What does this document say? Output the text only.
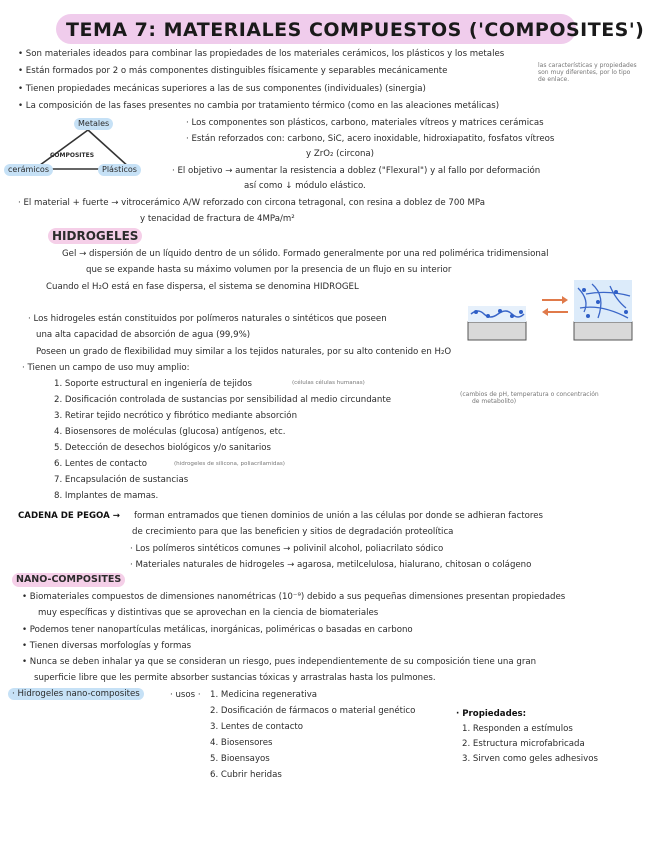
TEMA 7: MATERIALES COMPUESTOS ('COMPOSITES')
• Son materiales ideados para combinar las propiedades de los materiales cerámicos, los plásticos y los metales
• Están formados por 2 o más componentes distinguibles físicamente y separables mecánicamente
las características y propiedades
son muy diferentes, por lo tipo
de enlace.
• Tienen propiedades mecánicas superiores a las de sus componentes (individuales) (sinergia)
• La composición de las fases presentes no cambia por tratamiento térmico (como en las aleaciones metálicas)
Metales
COMPOSITES
cerámicos	Plásticos
· Los componentes son plásticos, carbono, materiales vítreos y matrices cerámicas
· Están reforzados con: carbono, SiC, acero inoxidable, hidroxiapatito, fosfatos vítreos
y ZrO₂ (circona)
· El objetivo → aumentar la resistencia a doblez ("Flexural") y al fallo por deformación
así como ↓ módulo elástico.
· El material + fuerte → vitrocerámico A/W reforzado con circona tetragonal, con resina a doblez de 700 MPa
y tenacidad de fractura de 4MPa/m²
HIDROGELES
Gel → dispersión de un líquido dentro de un sólido. Formado generalmente por una red polimérica tridimensional
que se expande hasta su máximo volumen por la presencia de un flujo en su interior
Cuando el H₂O está en fase dispersa, el sistema se denomina HIDROGEL
· Los hidrogeles están constituidos por polímeros naturales o sintéticos que poseen
una alta capacidad de absorción de agua (99,9%)
Poseen un grado de flexibilidad muy similar a los tejidos naturales, por su alto contenido en H₂O
· Tienen un campo de uso muy amplio:
1. Soporte estructural en ingeniería de tejidos	(células células humanas)
2. Dosificación controlada de sustancias por sensibilidad al medio circundante
(cambios de pH, temperatura o concentración
de metabolito)
3. Retirar tejido necrótico y fibrótico mediante absorción
4. Biosensores de moléculas (glucosa) antígenos, etc.
5. Detección de desechos biológicos y/o sanitarios
6. Lentes de contacto	(hidrogeles de silicona, poliacrilamidas)
7. Encapsulación de sustancias
8. Implantes de mamas.
CADENA DE PEGOA → forman entramados que tienen dominios de unión a las células por donde se adhieran factores
de crecimiento para que las beneficien y sitios de degradación proteolítica
· Los polímeros sintéticos comunes → polivinil alcohol, poliacrilato sódico
· Materiales naturales de hidrogeles → agarosa, metilcelulosa, hialurano, chitosan o colágeno
NANO-COMPOSITES
• Biomateriales compuestos de dimensiones nanométricas (10⁻⁹) debido a sus pequeñas dimensiones presentan propiedades
muy específicas y distintivas que se aprovechan en la ciencia de biomateriales
• Podemos tener nanopartículas metálicas, inorgánicas, poliméricas o basadas en carbono
• Tienen diversas morfologías y formas
• Nunca se deben inhalar ya que se consideran un riesgo, pues independientemente de su composición tiene una gran
superficie libre que les permite absorber sustancias tóxicas y arrastralas hasta los pulmones.
· Hidrogeles nano-composites	· usos · 1. Medicina regenerativa
2. Dosificación de fármacos o material genético
3. Lentes de contacto
4. Biosensores
5. Bioensayos
6. Cubrir heridas
· Propiedades:
1. Responden a estímulos
2. Estructura microfabricada
3. Sirven como geles adhesivos
